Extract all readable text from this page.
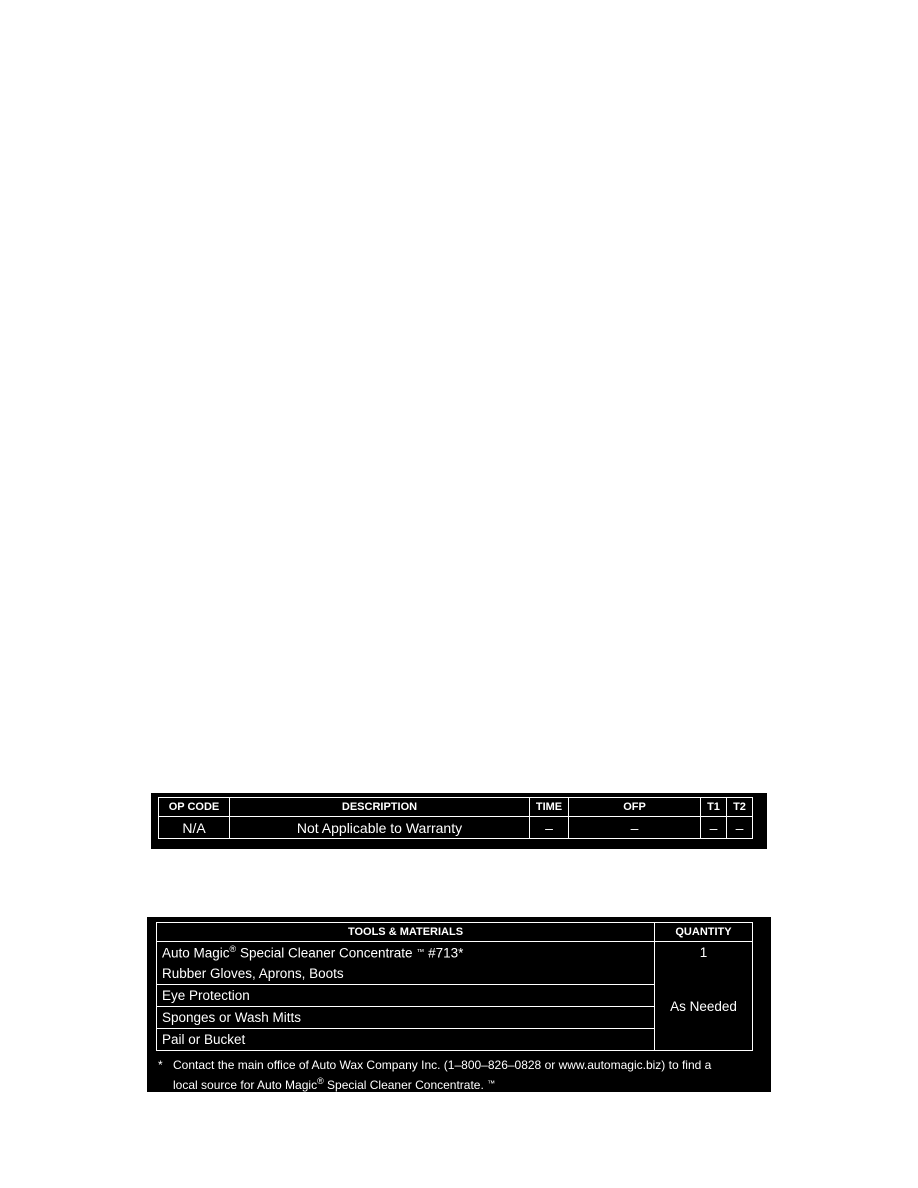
OP CODE	DESCRIPTION	TIME	OFP	T1	T2
N/A	Not Applicable to Warranty	–	–	–	–
TOOLS & MATERIALS	QUANTITY
Auto Magic® Special Cleaner Concentrate ™ #713*	1
Rubber Gloves, Aprons, Boots	As Needed
Eye Protection	
Sponges or Wash Mitts	
Pail or Bucket	
* Contact the main office of Auto Wax Company Inc. (1–800–826–0828 or www.automagic.biz) to find a
local source for Auto Magic® Special Cleaner Concentrate. ™
